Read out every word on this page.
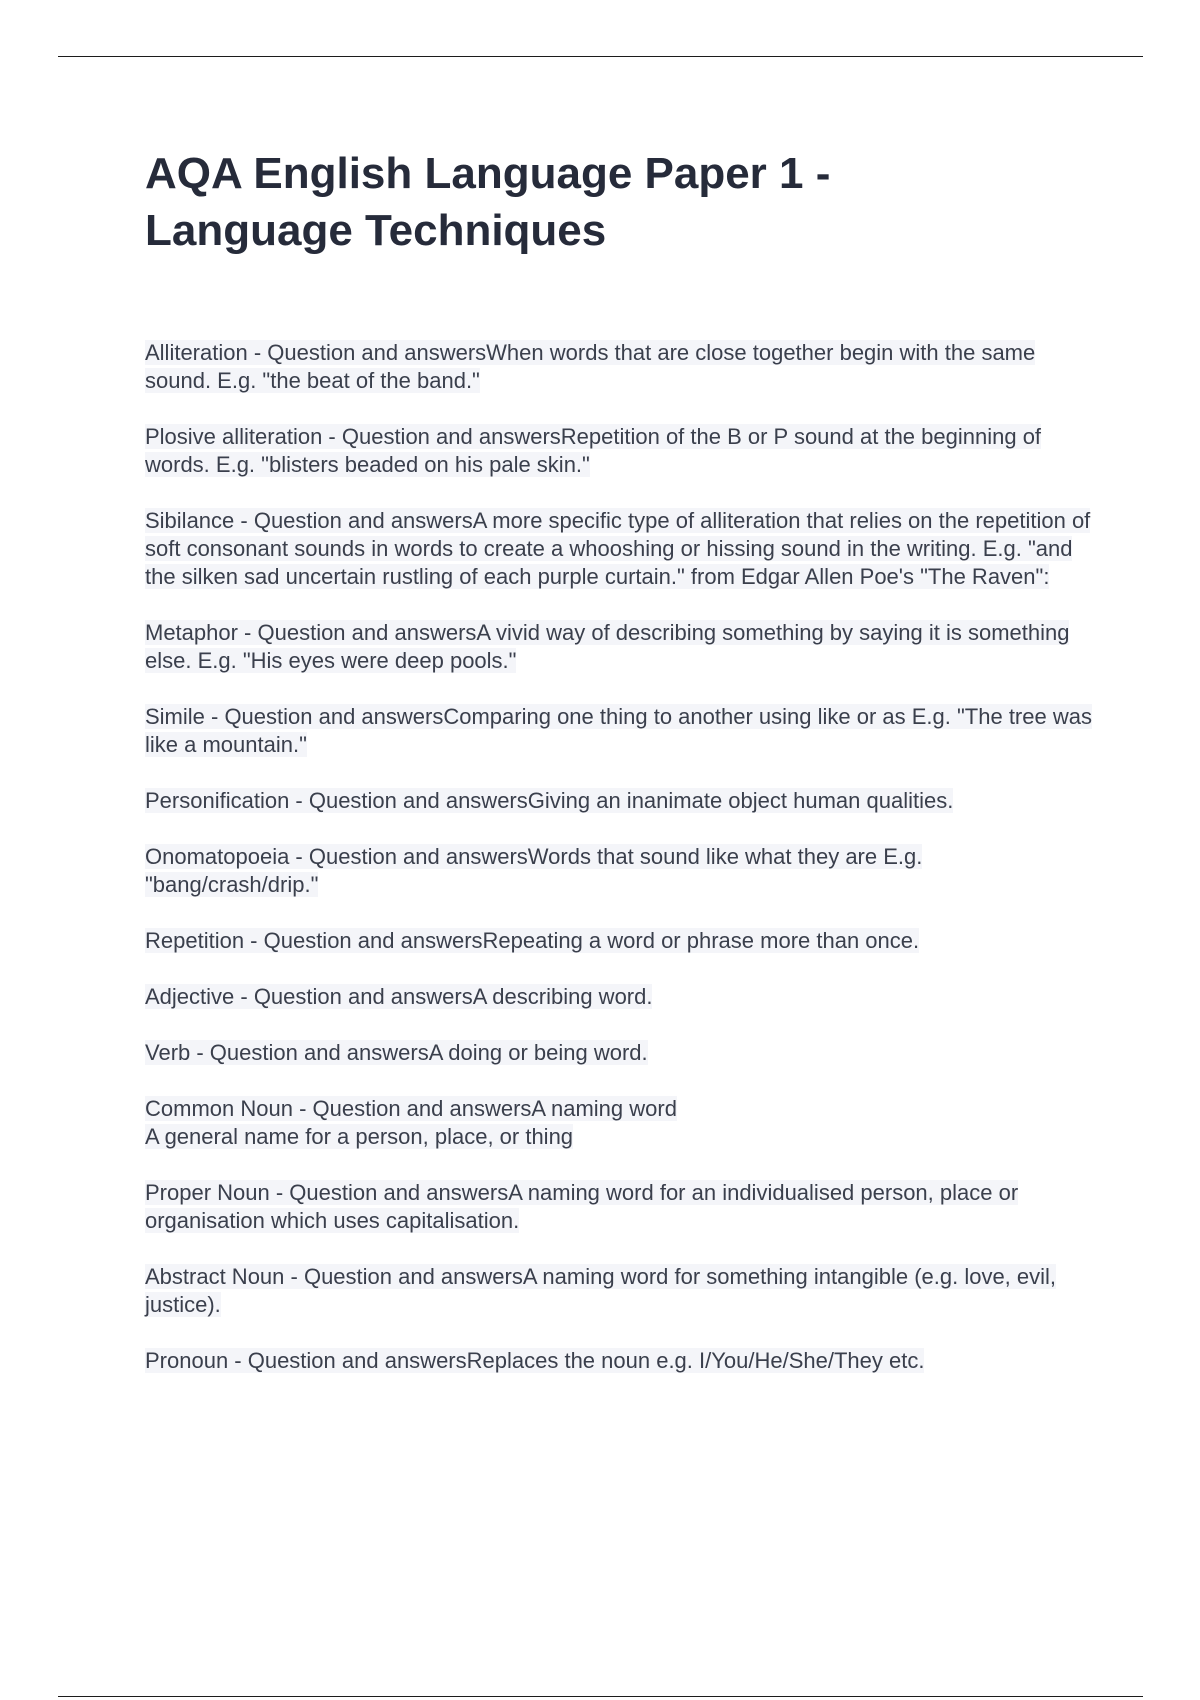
AQA English Language Paper 1 -
Language Techniques

Alliteration - Question and answersWhen words that are close together begin with the same sound. E.g. "the beat of the band."

Plosive alliteration - Question and answersRepetition of the B or P sound at the beginning of words. E.g. "blisters beaded on his pale skin."

Sibilance - Question and answersA more specific type of alliteration that relies on the repetition of soft consonant sounds in words to create a whooshing or hissing sound in the writing. E.g. "and the silken sad uncertain rustling of each purple curtain." from Edgar Allen Poe's "The Raven":

Metaphor - Question and answersA vivid way of describing something by saying it is something else. E.g. "His eyes were deep pools."

Simile - Question and answersComparing one thing to another using like or as E.g. "The tree was like a mountain."

Personification - Question and answersGiving an inanimate object human qualities.

Onomatopoeia - Question and answersWords that sound like what they are E.g. "bang/crash/drip."

Repetition - Question and answersRepeating a word or phrase more than once.

Adjective - Question and answersA describing word.

Verb - Question and answersA doing or being word.

Common Noun - Question and answersA naming word
A general name for a person, place, or thing

Proper Noun - Question and answersA naming word for an individualised person, place or organisation which uses capitalisation.

Abstract Noun - Question and answersA naming word for something intangible (e.g. love, evil, justice).

Pronoun - Question and answersReplaces the noun e.g. I/You/He/She/They etc.
